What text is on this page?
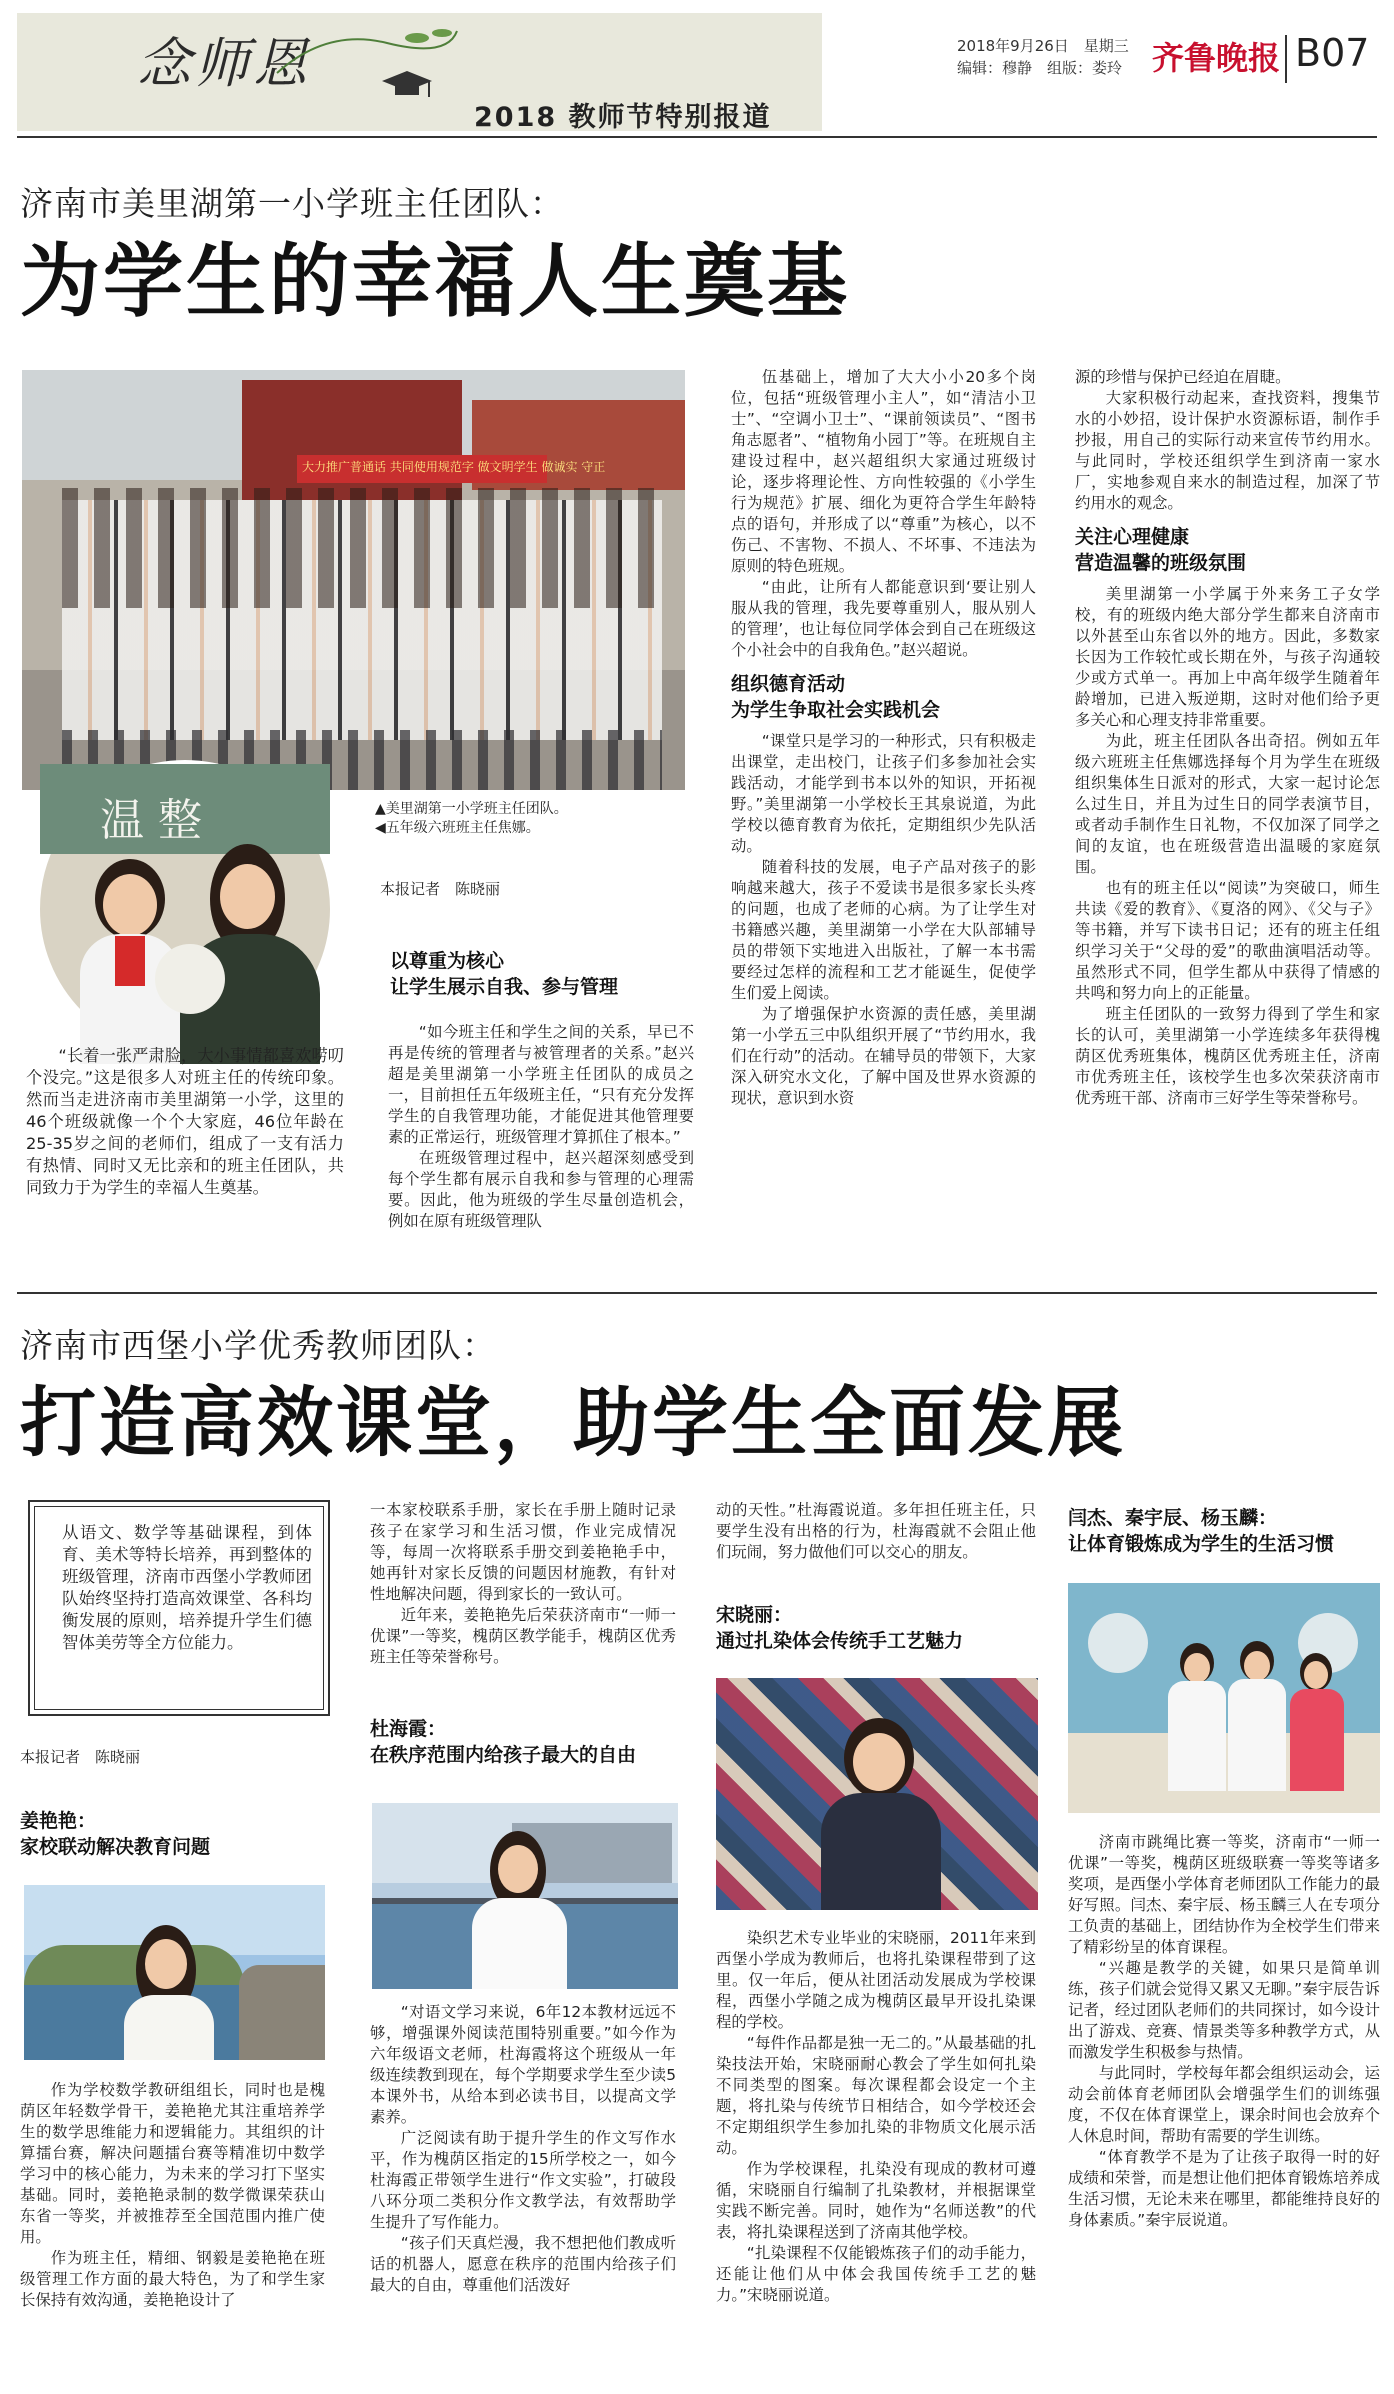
念师恩
2018 教师节特别报道
2018年9月26日　星期三
编辑：穆静　组版：娄玲 齐鲁晚报 B07
济南市美里湖第一小学班主任团队：
为学生的幸福人生奠基
大力推广普通话 共同使用规范字 做文明学生 做诚实 守正
温 整	▲美里湖第一小学班主任团队。
◀五年级六班班主任焦娜。
本报记者　陈晓丽
以尊重为核心
让学生展示自我、参与管理

“长着一张严肃脸，大小事情都喜欢唠叨个没完。”这是很多人对班主任的传统印象。然而当走进济南市美里湖第一小学，这里的46个班级就像一个个大家庭，46位年龄在25-35岁之间的老师们，组成了一支有活力有热情、同时又无比亲和的班主任团队，共同致力于为学生的幸福人生奠基。

“如今班主任和学生之间的关系，早已不再是传统的管理者与被管理者的关系。”赵兴超是美里湖第一小学班主任团队的成员之一，目前担任五年级班主任，“只有充分发挥学生的自我管理功能，才能促进其他管理要素的正常运行，班级管理才算抓住了根本。”

在班级管理过程中，赵兴超深刻感受到每个学生都有展示自我和参与管理的心理需要。因此，他为班级的学生尽量创造机会，例如在原有班级管理队

伍基础上，增加了大大小小20多个岗位，包括“班级管理小主人”，如“清洁小卫士”、“空调小卫士”、“课前领读员”、“图书角志愿者”、“植物角小园丁”等。在班规自主建设过程中，赵兴超组织大家通过班级讨论，逐步将理论性、方向性较强的《小学生行为规范》扩展、细化为更符合学生年龄特点的语句，并形成了以“尊重”为核心，以不伤己、不害物、不损人、不坏事、不违法为原则的特色班规。

“由此，让所有人都能意识到‘要让别人服从我的管理，我先要尊重别人，服从别人的管理’，也让每位同学体会到自己在班级这个小社会中的自我角色。”赵兴超说。

组织德育活动
为学生争取社会实践机会

“课堂只是学习的一种形式，只有积极走出课堂，走出校门，让孩子们多参加社会实践活动，才能学到书本以外的知识，开拓视野。”美里湖第一小学校长王其泉说道，为此学校以德育教育为依托，定期组织少先队活动。

随着科技的发展，电子产品对孩子的影响越来越大，孩子不爱读书是很多家长头疼的问题，也成了老师的心病。为了让学生对书籍感兴趣，美里湖第一小学在大队部辅导员的带领下实地进入出版社，了解一本书需要经过怎样的流程和工艺才能诞生，促使学生们爱上阅读。

为了增强保护水资源的责任感，美里湖第一小学五三中队组织开展了“节约用水，我们在行动”的活动。在辅导员的带领下，大家深入研究水文化，了解中国及世界水资源的现状，意识到水资

源的珍惜与保护已经迫在眉睫。

大家积极行动起来，查找资料，搜集节水的小妙招，设计保护水资源标语，制作手抄报，用自己的实际行动来宣传节约用水。与此同时，学校还组织学生到济南一家水厂，实地参观自来水的制造过程，加深了节约用水的观念。

关注心理健康
营造温馨的班级氛围

美里湖第一小学属于外来务工子女学校，有的班级内绝大部分学生都来自济南市以外甚至山东省以外的地方。因此，多数家长因为工作较忙或长期在外，与孩子沟通较少或方式单一。再加上中高年级学生随着年龄增加，已进入叛逆期，这时对他们给予更多关心和心理支持非常重要。

为此，班主任团队各出奇招。例如五年级六班班主任焦娜选择每个月为学生在班级组织集体生日派对的形式，大家一起讨论怎么过生日，并且为过生日的同学表演节目，或者动手制作生日礼物，不仅加深了同学之间的友谊，也在班级营造出温暖的家庭氛围。

也有的班主任以“阅读”为突破口，师生共读《爱的教育》、《夏洛的网》、《父与子》等书籍，并写下读书日记；还有的班主任组织学习关于“父母的爱”的歌曲演唱活动等。虽然形式不同，但学生都从中获得了情感的共鸣和努力向上的正能量。

班主任团队的一致努力得到了学生和家长的认可，美里湖第一小学连续多年获得槐荫区优秀班集体，槐荫区优秀班主任，济南市优秀班主任，该校学生也多次荣获济南市优秀班干部、济南市三好学生等荣誉称号。

济南市西堡小学优秀教师团队：
打造高效课堂，助学生全面发展
从语文、数学等基础课程，到体育、美术等特长培养，再到整体的班级管理，济南市西堡小学教师团队始终坚持打造高效课堂、各科均衡发展的原则，培养提升学生们德智体美劳等全方位能力。
本报记者　陈晓丽
姜艳艳：
家校联动解决教育问题

作为学校数学教研组组长，同时也是槐荫区年轻数学骨干，姜艳艳尤其注重培养学生的数学思维能力和逻辑能力。其组织的计算擂台赛，解决问题擂台赛等精准切中数学学习中的核心能力，为未来的学习打下坚实基础。同时，姜艳艳录制的数学微课荣获山东省一等奖，并被推荐至全国范围内推广使用。

作为班主任，精细、钢毅是姜艳艳在班级管理工作方面的最大特色，为了和学生家长保持有效沟通，姜艳艳设计了

一本家校联系手册，家长在手册上随时记录孩子在家学习和生活习惯，作业完成情况等，每周一次将联系手册交到姜艳艳手中，她再针对家长反馈的问题因材施教，有针对性地解决问题，得到家长的一致认可。

近年来，姜艳艳先后荣获济南市“一师一优课”一等奖，槐荫区教学能手，槐荫区优秀班主任等荣誉称号。

杜海霞：
在秩序范围内给孩子最大的自由

“对语文学习来说，6年12本教材远远不够，增强课外阅读范围特别重要。”如今作为六年级语文老师，杜海霞将这个班级从一年级连续教到现在，每个学期要求学生至少读5本课外书，从给本到必读书目，以提高文学素养。

广泛阅读有助于提升学生的作文写作水平，作为槐荫区指定的15所学校之一，如今杜海霞正带领学生进行“作文实验”，打破段八环分项二类积分作文教学法，有效帮助学生提升了写作能力。

“孩子们天真烂漫，我不想把他们教成听话的机器人，愿意在秩序的范围内给孩子们最大的自由，尊重他们活泼好

动的天性。”杜海霞说道。多年担任班主任，只要学生没有出格的行为，杜海霞就不会阻止他们玩闹，努力做他们可以交心的朋友。

宋晓丽：
通过扎染体会传统手工艺魅力

染织艺术专业毕业的宋晓丽，2011年来到西堡小学成为教师后，也将扎染课程带到了这里。仅一年后，便从社团活动发展成为学校课程，西堡小学随之成为槐荫区最早开设扎染课程的学校。

“每件作品都是独一无二的。”从最基础的扎染技法开始，宋晓丽耐心教会了学生如何扎染不同类型的图案。每次课程都会设定一个主题，将扎染与传统节日相结合，如今学校还会不定期组织学生参加扎染的非物质文化展示活动。

作为学校课程，扎染没有现成的教材可遵循，宋晓丽自行编制了扎染教材，并根据课堂实践不断完善。同时，她作为“名师送教”的代表，将扎染课程送到了济南其他学校。

“扎染课程不仅能锻炼孩子们的动手能力，还能让他们从中体会我国传统手工艺的魅力。”宋晓丽说道。

闫杰、秦宇辰、杨玉麟：
让体育锻炼成为学生的生活习惯

济南市跳绳比赛一等奖，济南市“一师一优课”一等奖，槐荫区班级联赛一等奖等诸多奖项，是西堡小学体育老师团队工作能力的最好写照。闫杰、秦宇辰、杨玉麟三人在专项分工负责的基础上，团结协作为全校学生们带来了精彩纷呈的体育课程。

“兴趣是教学的关键，如果只是简单训练，孩子们就会觉得又累又无聊。”秦宇辰告诉记者，经过团队老师们的共同探讨，如今设计出了游戏、竞赛、情景类等多种教学方式，从而激发学生积极参与热情。

与此同时，学校每年都会组织运动会，运动会前体育老师团队会增强学生们的训练强度，不仅在体育课堂上，课余时间也会放弃个人休息时间，帮助有需要的学生训练。

“体育教学不是为了让孩子取得一时的好成绩和荣誉，而是想让他们把体育锻炼培养成生活习惯，无论未来在哪里，都能维持良好的身体素质。”秦宇辰说道。
